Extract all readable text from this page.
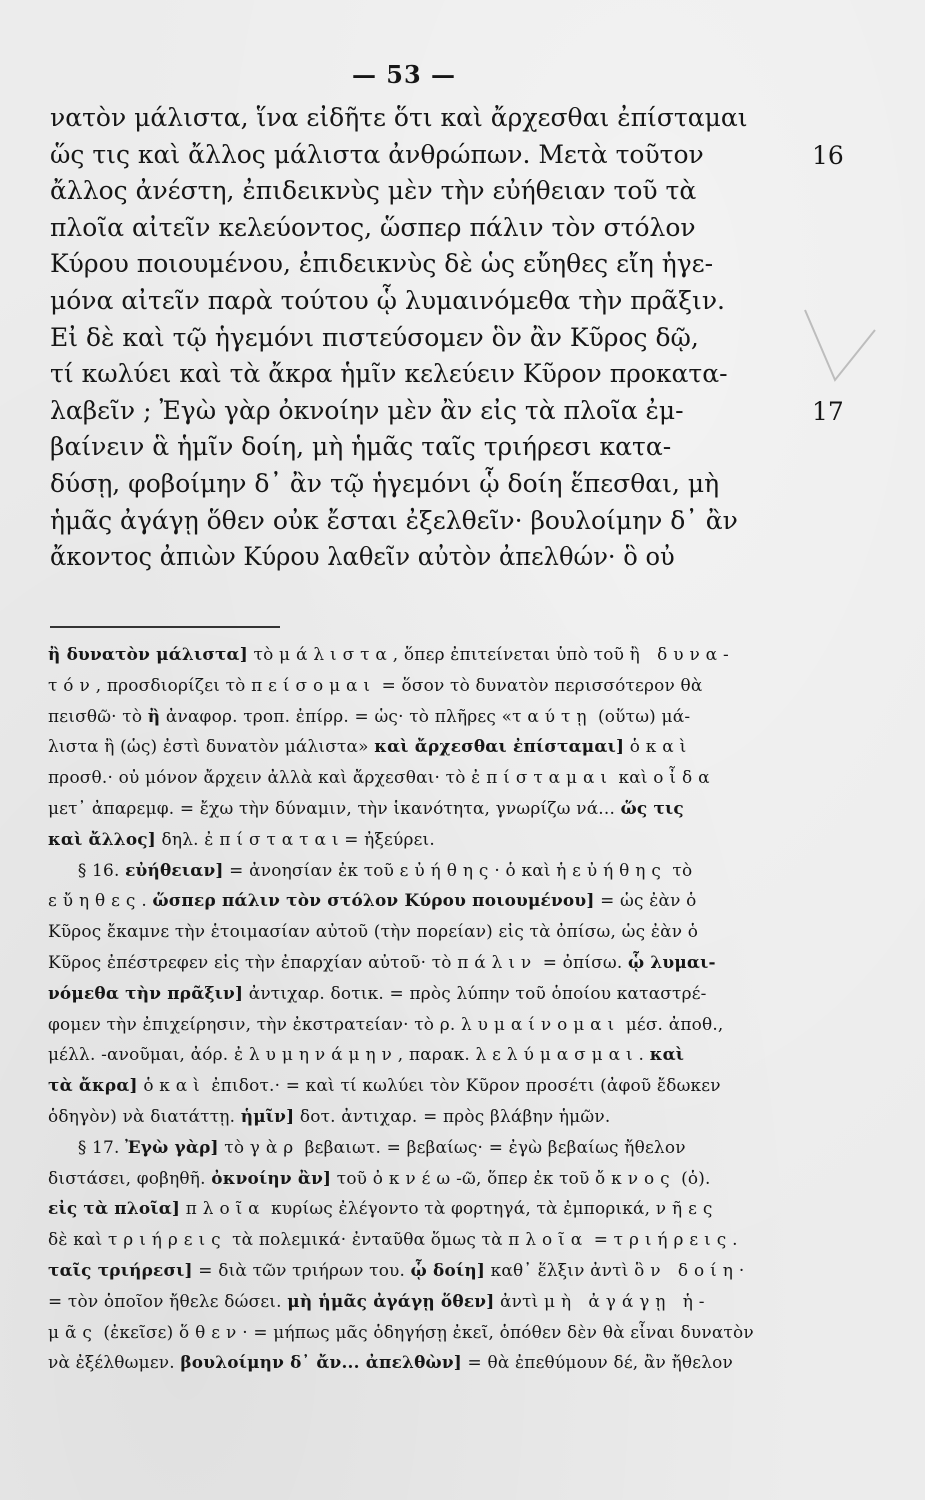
— 53 —
νατὸν μάλιστα, ἵνα εἰδῆτε ὅτι καὶ ἄρχεσθαι ἐπίσταμαι
ὥς τις καὶ ἄλλος μάλιστα ἀνθρώπων. Μετὰ τοῦτον
ἄλλος ἀνέστη, ἐπιδεικνὺς μὲν τὴν εὐήθειαν τοῦ τὰ
πλοῖα αἰτεῖν κελεύοντος, ὥσπερ πάλιν τὸν στόλον
Κύρου ποιουμένου, ἐπιδεικνὺς δὲ ὡς εὔηθες εἴη ἡγε-
μόνα αἰτεῖν παρὰ τούτου ᾧ λυμαινόμεθα τὴν πρᾶξιν.
Εἰ δὲ καὶ τῷ ἡγεμόνι πιστεύσομεν ὃν ἂν Κῦρος δῷ,
τί κωλύει καὶ τὰ ἄκρα ἡμῖν κελεύειν Κῦρον προκατα-
λαβεῖν ; Ἐγὼ γὰρ ὀκνοίην μὲν ἂν εἰς τὰ πλοῖα ἐμ-
βαίνειν ἃ ἡμῖν δοίη, μὴ ἡμᾶς ταῖς τριήρεσι κατα-
δύσῃ, φοβοίμην δ᾽ ἂν τῷ ἡγεμόνι ᾧ δοίη ἕπεσθαι, μὴ
ἡμᾶς ἀγάγῃ ὅθεν οὐκ ἔσται ἐξελθεῖν· βουλοίμην δ᾽ ἂν
ἄκοντος ἀπιὼν Κύρου λαθεῖν αὐτὸν ἀπελθών· ὃ οὐ
16
17
ἢ δυνατὸν μάλιστα] τὸ μάλιστα, ὅπερ ἐπιτείνεται ὑπὸ τοῦ ἢ δυνα-
τόν, προσδιορίζει τὸ πείσομαι = ὅσον τὸ δυνατὸν περισσότερον θὰ
πεισθῶ· τὸ ἢ ἀναφορ. τροπ. ἐπίρρ. = ὡς· τὸ πλῆρες «ταύτῃ (οὕτω) μά-
λιστα ἢ (ὡς) ἐστὶ δυνατὸν μάλιστα» καὶ ἄρχεσθαι ἐπίσταμαι] ὁ καὶ
προσθ.· οὐ μόνον ἄρχειν ἀλλὰ καὶ ἄρχεσθαι· τὸ ἐπίσταμαι καὶ οἶδα
μετ᾽ ἀπαρεμφ. = ἔχω τὴν δύναμιν, τὴν ἱκανότητα, γνωρίζω νά... ὥς τις
καὶ ἄλλος] δηλ. ἐπίσταται = ἠξεύρει.
§ 16. εὐήθειαν] = ἀνοησίαν ἐκ τοῦ εὐήθης· ὁ καὶ ἡ εὐήθης τὸ
εὔηθες. ὥσπερ πάλιν τὸν στόλον Κύρου ποιουμένου] = ὡς ἐὰν ὁ
Κῦρος ἔκαμνε τὴν ἑτοιμασίαν αὐτοῦ (τὴν πορείαν) εἰς τὰ ὀπίσω, ὡς ἐὰν ὁ
Κῦρος ἐπέστρεφεν εἰς τὴν ἐπαρχίαν αὐτοῦ· τὸ πάλιν = ὀπίσω. ᾧ λυμαι-
νόμεθα τὴν πρᾶξιν] ἀντιχαρ. δοτικ. = πρὸς λύπην τοῦ ὁποίου καταστρέ-
φομεν τὴν ἐπιχείρησιν, τὴν ἐκστρατείαν· τὸ ρ. λυμαίνομαι μέσ. ἀποθ.,
μέλλ. -ανοῦμαι, ἀόρ. ἐλυμηνάμην, παρακ. λελύμασμαι. καὶ
τὰ ἄκρα] ὁ καὶ ἐπιδοτ.· = καὶ τί κωλύει τὸν Κῦρον προσέτι (ἀφοῦ ἔδωκεν
ὁδηγὸν) νὰ διατάττῃ. ἡμῖν] δοτ. ἀντιχαρ. = πρὸς βλάβην ἡμῶν.
§ 17. Ἐγὼ γὰρ] τὸ γὰρ βεβαιωτ. = βεβαίως· = ἐγὼ βεβαίως ἤθελον
διστάσει, φοβηθῆ. ὀκνοίην ἂν] τοῦ ὀκνέω-ῶ, ὅπερ ἐκ τοῦ ὄκνος (ὁ).
εἰς τὰ πλοῖα] πλοῖα κυρίως ἐλέγοντο τὰ φορτηγά, τὰ ἐμπορικά, νῆες
δὲ καὶ τριήρεις τὰ πολεμικά· ἐνταῦθα ὅμως τὰ πλοῖα = τριήρεις.
ταῖς τριήρεσι] = διὰ τῶν τριήρων του. ᾧ δοίη] καθ᾽ ἕλξιν ἀντὶ ὃν δοίη·
= τὸν ὁποῖον ἤθελε δώσει. μὴ ἡμᾶς ἀγάγῃ ὅθεν] ἀντὶ μὴ ἀγάγῃ ἡ-
μᾶς (ἐκεῖσε) ὅθεν· = μήπως μᾶς ὁδηγήσῃ ἐκεῖ, ὁπόθεν δὲν θὰ εἶναι δυνατὸν
νὰ ἐξέλθωμεν. βουλοίμην δ᾽ ἄν... ἀπελθὼν] = θὰ ἐπεθύμουν δέ, ἂν ἤθελον
